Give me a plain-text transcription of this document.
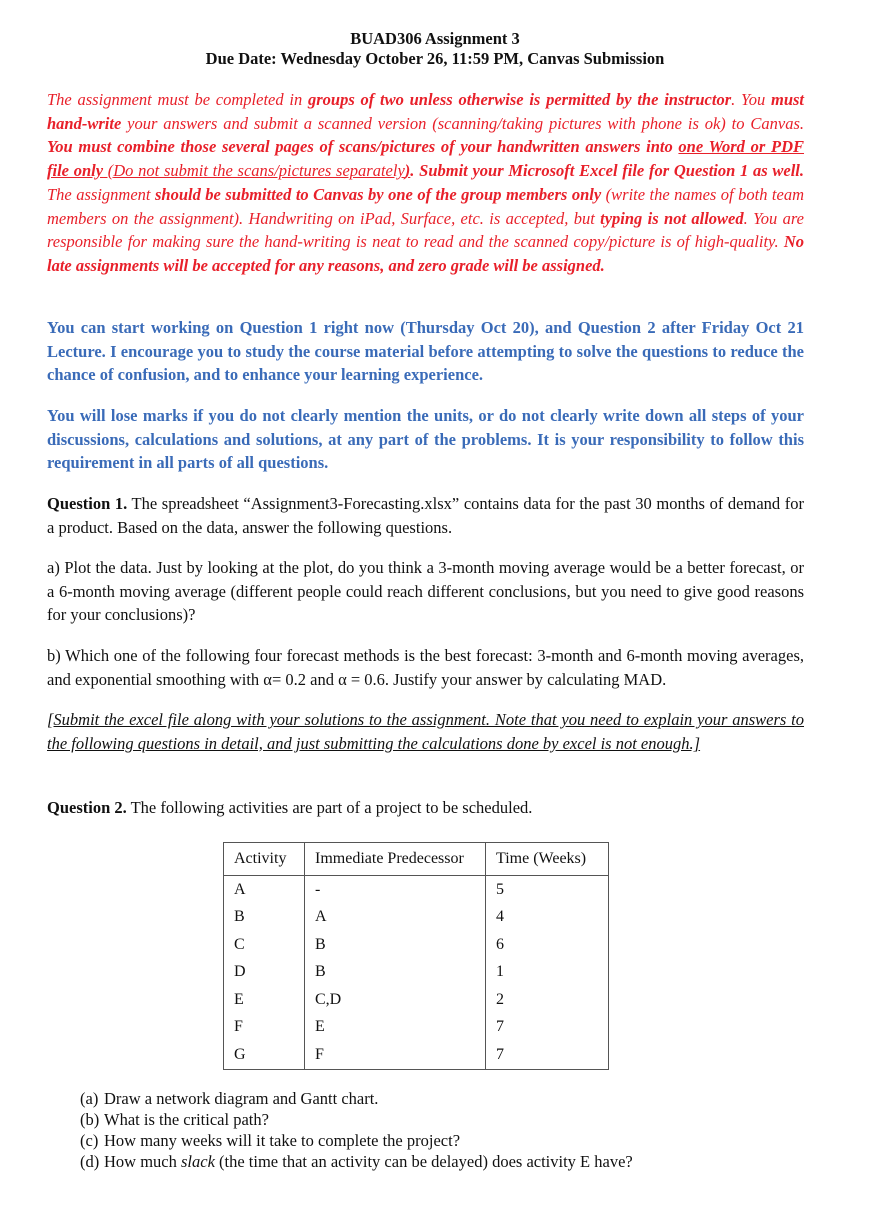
BUAD306 Assignment 3
Due Date: Wednesday October 26, 11:59 PM, Canvas Submission
The assignment must be completed in groups of two unless otherwise is permitted by the instructor. You must hand-write your answers and submit a scanned version (scanning/taking pictures with phone is ok) to Canvas. You must combine those several pages of scans/pictures of your handwritten answers into one Word or PDF file only (Do not submit the scans/pictures separately). Submit your Microsoft Excel file for Question 1 as well. The assignment should be submitted to Canvas by one of the group members only (write the names of both team members on the assignment). Handwriting on iPad, Surface, etc. is accepted, but typing is not allowed. You are responsible for making sure the hand-writing is neat to read and the scanned copy/picture is of high-quality. No late assignments will be accepted for any reasons, and zero grade will be assigned.
You can start working on Question 1 right now (Thursday Oct 20), and Question 2 after Friday Oct 21 Lecture. I encourage you to study the course material before attempting to solve the questions to reduce the chance of confusion, and to enhance your learning experience.
You will lose marks if you do not clearly mention the units, or do not clearly write down all steps of your discussions, calculations and solutions, at any part of the problems. It is your responsibility to follow this requirement in all parts of all questions.
Question 1. The spreadsheet “Assignment3-Forecasting.xlsx” contains data for the past 30 months of demand for a product. Based on the data, answer the following questions.
a) Plot the data. Just by looking at the plot, do you think a 3-month moving average would be a better forecast, or a 6-month moving average (different people could reach different conclusions, but you need to give good reasons for your conclusions)?
b) Which one of the following four forecast methods is the best forecast: 3-month and 6-month moving averages, and exponential smoothing with α= 0.2 and α = 0.6. Justify your answer by calculating MAD.
[Submit the excel file along with your solutions to the assignment. Note that you need to explain your answers to the following questions in detail, and just submitting the calculations done by excel is not enough.]
Question 2. The following activities are part of a project to be scheduled.
Activity	Immediate Predecessor	Time (Weeks)
A	-	5
B	A	4
C	B	6
D	B	1
E	C,D	2
F	E	7
G	F	7
(a) Draw a network diagram and Gantt chart.
(b) What is the critical path?
(c) How many weeks will it take to complete the project?
(d) How much slack (the time that an activity can be delayed) does activity E have?
